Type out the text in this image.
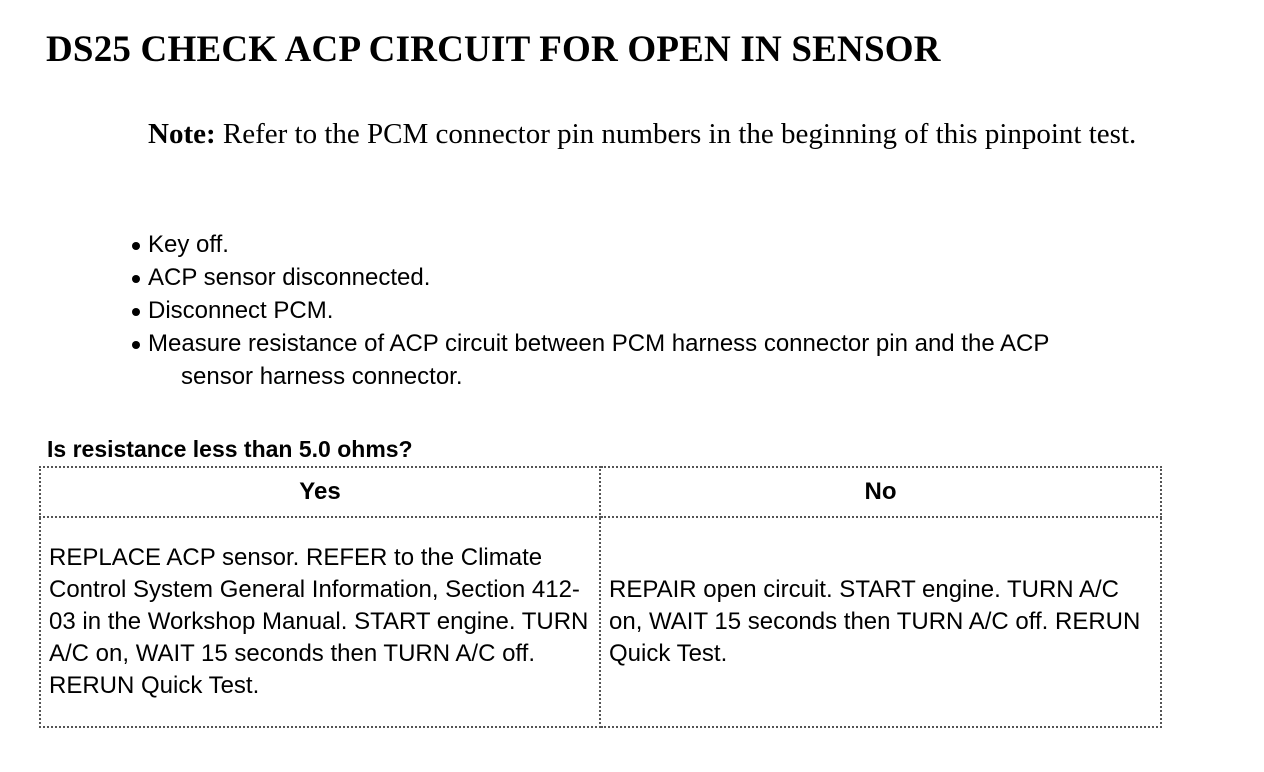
DS25 CHECK ACP CIRCUIT FOR OPEN IN SENSOR
Note: Refer to the PCM connector pin numbers in the beginning of this pinpoint test.
Key off.
ACP sensor disconnected.
Disconnect PCM.
Measure resistance of ACP circuit between PCM harness connector pin and the ACP
sensor harness connector.
Is resistance less than 5.0 ohms?
Yes	No
REPLACE ACP sensor. REFER to the Climate Control System General Information, Section 412-03 in the Workshop Manual. START engine. TURN A/C on, WAIT 15 seconds then TURN A/C off. RERUN Quick Test.	REPAIR open circuit. START engine. TURN A/C on, WAIT 15 seconds then TURN A/C off. RERUN Quick Test.
